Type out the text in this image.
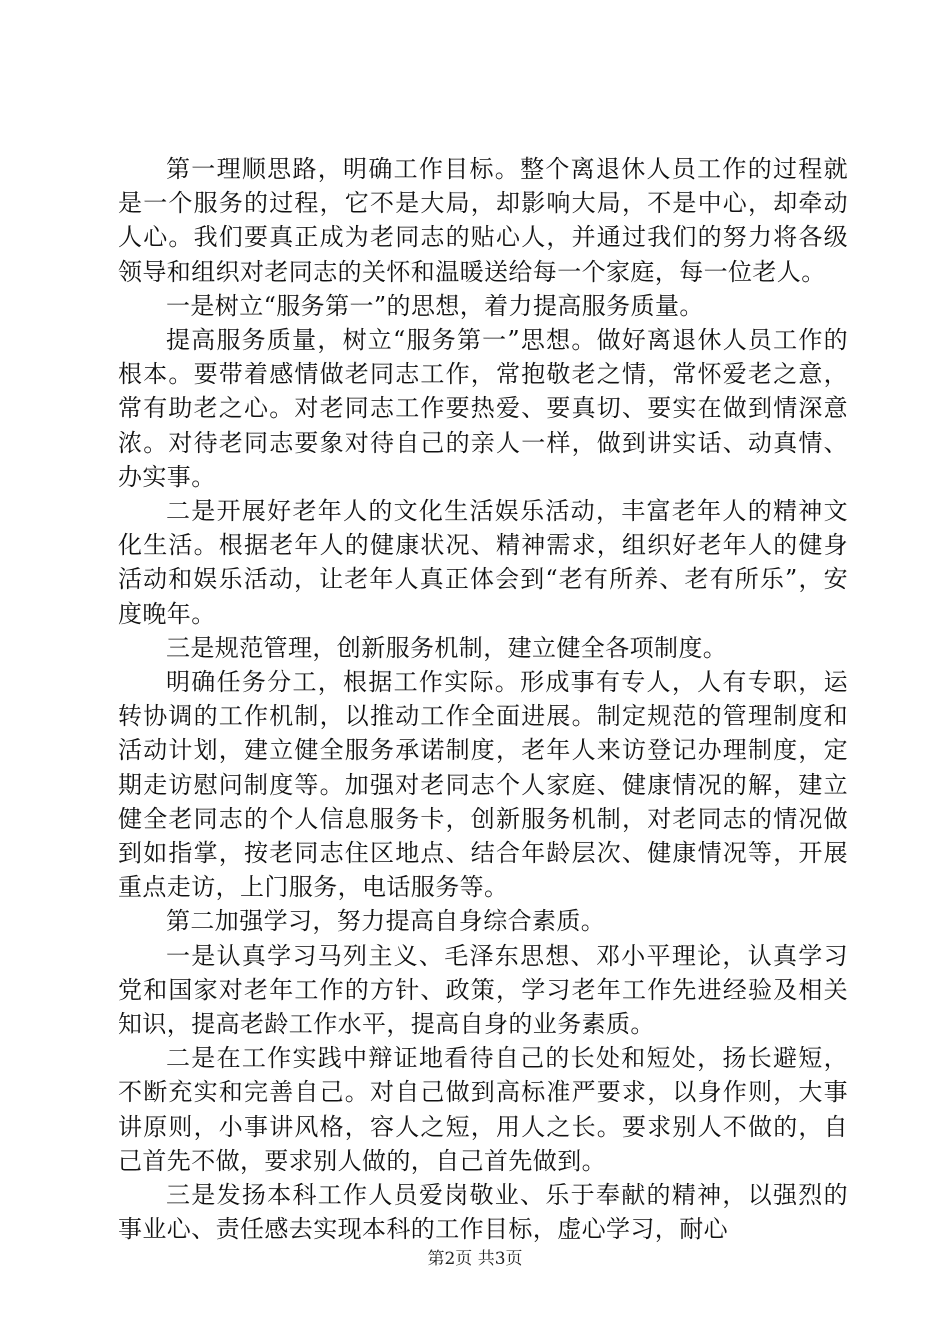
第一理顺思路，明确工作目标。整个离退休人员工作的过程就是一个服务的过程，它不是大局，却影响大局，不是中心，却牵动人心。我们要真正成为老同志的贴心人，并通过我们的努力将各级领导和组织对老同志的关怀和温暖送给每一个家庭，每一位老人。

一是树立“服务第一”的思想，着力提高服务质量。

提高服务质量，树立“服务第一”思想。做好离退休人员工作的根本。要带着感情做老同志工作，常抱敬老之情，常怀爱老之意，常有助老之心。对老同志工作要热爱、要真切、要实在做到情深意浓。对待老同志要象对待自己的亲人一样，做到讲实话、动真情、办实事。

二是开展好老年人的文化生活娱乐活动，丰富老年人的精神文化生活。根据老年人的健康状况、精神需求，组织好老年人的健身活动和娱乐活动，让老年人真正体会到“老有所养、老有所乐”，安度晚年。

三是规范管理，创新服务机制，建立健全各项制度。

明确任务分工，根据工作实际。形成事有专人，人有专职，运转协调的工作机制，以推动工作全面进展。制定规范的管理制度和活动计划，建立健全服务承诺制度，老年人来访登记办理制度，定期走访慰问制度等。加强对老同志个人家庭、健康情况的解，建立健全老同志的个人信息服务卡，创新服务机制，对老同志的情况做到如指掌，按老同志住区地点、结合年龄层次、健康情况等，开展重点走访，上门服务，电话服务等。

第二加强学习，努力提高自身综合素质。

一是认真学习马列主义、毛泽东思想、邓小平理论，认真学习党和国家对老年工作的方针、政策，学习老年工作先进经验及相关知识，提高老龄工作水平，提高自身的业务素质。

二是在工作实践中辩证地看待自己的长处和短处，扬长避短，不断充实和完善自己。对自己做到高标准严要求，以身作则，大事讲原则，小事讲风格，容人之短，用人之长。要求别人不做的，自己首先不做，要求别人做的，自己首先做到。

三是发扬本科工作人员爱岗敬业、乐于奉献的精神，以强烈的事业心、责任感去实现本科的工作目标，虚心学习，耐心

第2页 共3页
